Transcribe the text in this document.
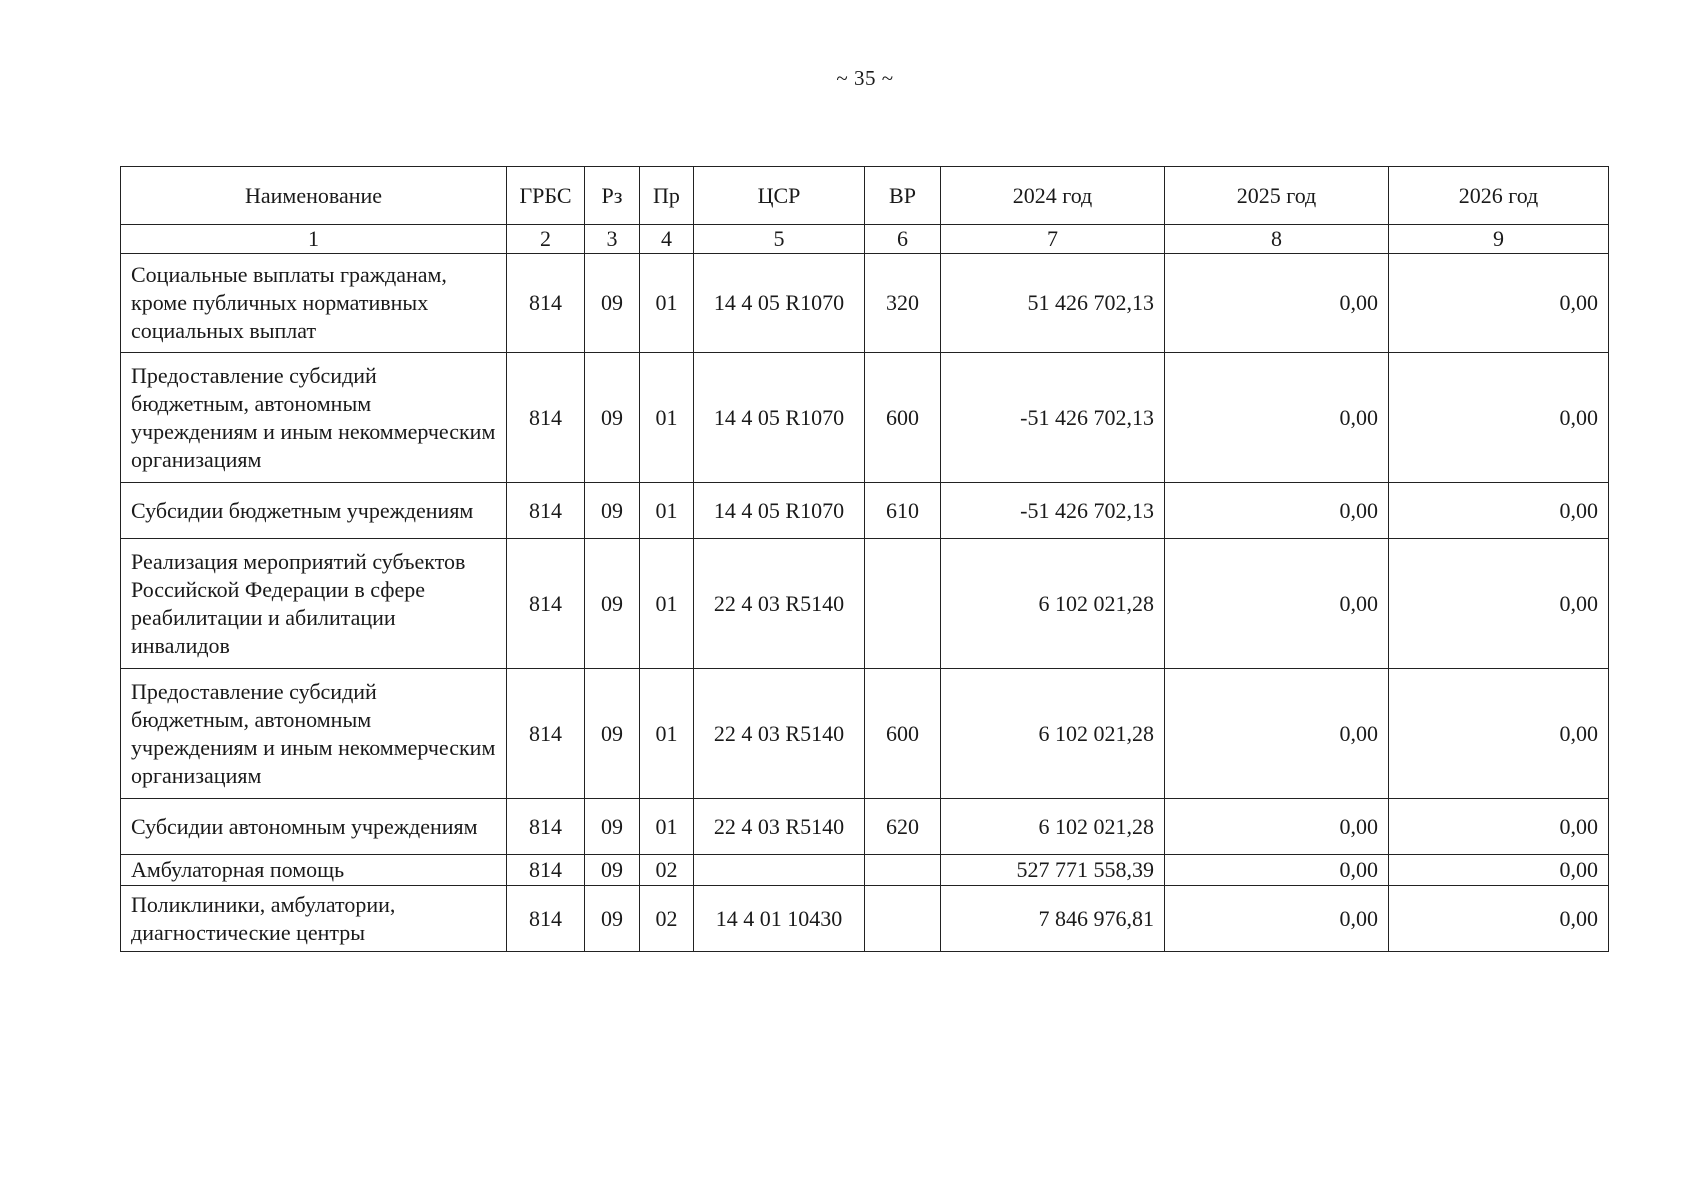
~ 35 ~
Наименование	ГРБС	Рз	Пр	ЦСР	ВР	2024 год	2025 год	2026 год
1	2	3	4	5	6	7	8	9
Социальные выплаты гражданам, кроме публичных нормативных социальных выплат	814	09	01	14 4 05 R1070	320	51 426 702,13	0,00	0,00
Предоставление субсидий бюджетным, автономным учреждениям и иным некоммерческим организациям	814	09	01	14 4 05 R1070	600	-51 426 702,13	0,00	0,00
Субсидии бюджетным учреждениям	814	09	01	14 4 05 R1070	610	-51 426 702,13	0,00	0,00
Реализация мероприятий субъектов Российской Федерации в сфере реабилитации и абилитации инвалидов	814	09	01	22 4 03 R5140		6 102 021,28	0,00	0,00
Предоставление субсидий бюджетным, автономным учреждениям и иным некоммерческим организациям	814	09	01	22 4 03 R5140	600	6 102 021,28	0,00	0,00
Субсидии автономным учреждениям	814	09	01	22 4 03 R5140	620	6 102 021,28	0,00	0,00
Амбулаторная помощь	814	09	02			527 771 558,39	0,00	0,00
Поликлиники, амбулатории, диагностические центры	814	09	02	14 4 01 10430		7 846 976,81	0,00	0,00
